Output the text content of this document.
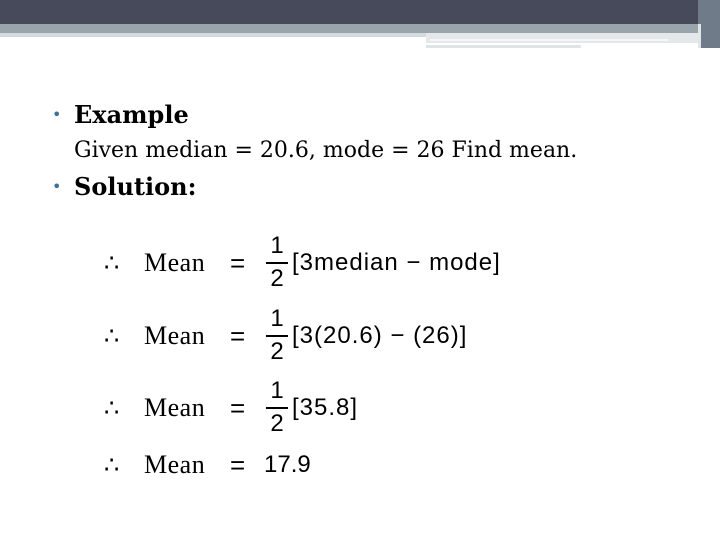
• Example
Given median = 20.6, mode = 26 Find mean.
• Solution:
∴ Mean =
1
2
[3median − mode]
∴ Mean =
1
2
[3(20.6) − (26)]
∴ Mean =
1
2
[35.8]
∴ Mean = 17.9
